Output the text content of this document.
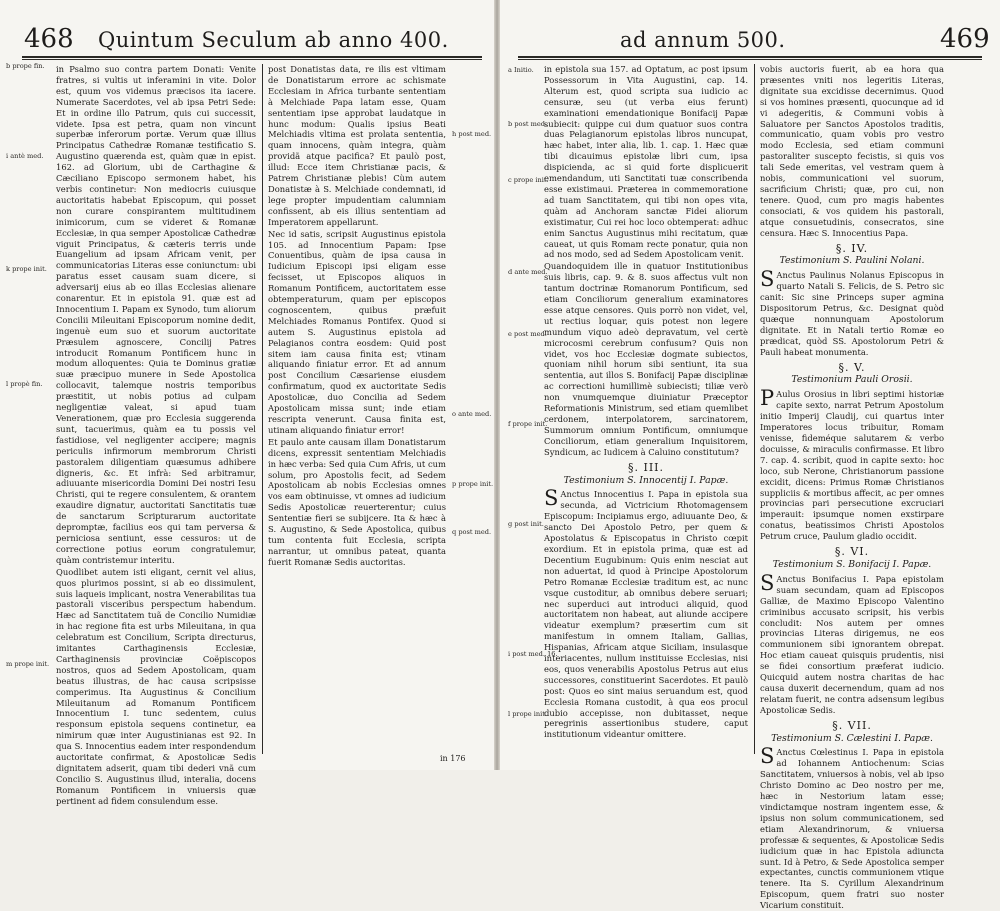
468 Quintum Seculum ab anno 400.
b prope fin.
i antè med.
k prope init.
l propè fin.
m prope init.

in Psalmo suo contra partem Donati: Venite fratres, si vultis ut inferamini in vite. Dolor est, quum vos videmus præcisos ita iacere. Numerate Sacerdotes, vel ab ipsa Petri Sede: Et in ordine illo Patrum, quis cui successit, videte. Ipsa est petra, quam non vincunt superbæ inferorum portæ. Verum quæ illius Principatus Cathedræ Romanæ testificatio S. Augustino quærenda est, quàm quæ in epist. 162. ad Glorium, ubi de Carthagine & Cæciliano Episcopo sermonem habet, his verbis continetur: Non mediocris cuiusque auctoritatis habebat Episcopum, qui posset non curare conspirantem multitudinem inimicorum, cum se videret & Romanæ Ecclesiæ, in qua semper Apostolicæ Cathedræ viguit Principatus, & cæteris terris unde Euangelium ad ipsam Africam venit, per communicatorias Literas esse coniunctum: ubi paratus esset causam suam dicere, si adversarij eius ab eo illas Ecclesias alienare conarentur. Et in epistola 91. quæ est ad Innocentium I. Papam ex Synodo, tum aliorum Concilii Mileuitani Episcoporum nomine dedit, ingenuè eum suo et suorum auctoritate Præsulem agnoscere, Concilij Patres introducit Romanum Pontificem hunc in modum alloquentes: Quia te Dominus gratiæ suæ præcipuo munere in Sede Apostolica collocavit, talemque nostris temporibus præstitit, ut nobis potius ad culpam negligentiæ valeat, si apud tuam Venerationem, quæ pro Ecclesia suggerenda sunt, tacuerimus, quàm ea tu possis vel fastidiose, vel negligenter accipere; magnis periculis infirmorum membrorum Christi pastoralem diligentiam quæsumus adhibere digneris, &c. Et infrà: Sed arbitramur, adiuuante misericordia Domini Dei nostri Iesu Christi, qui te regere consulentem, & orantem exaudire dignatur, auctoritati Sanctitatis tuæ de sanctarum Scripturarum auctoritate depromptæ, facilius eos qui tam perversa & perniciosa sentiunt, esse cessuros: ut de correctione potius eorum congratulemur, quàm contristemur interitu.

Quodlibet autem isti eligant, cernit vel alius, quos plurimos possint, si ab eo dissimulent, suis laqueis implicant, nostra Venerabilitas tua pastorali visceribus perspectum habendum. Hæc ad Sanctitatem tuã de Concilio Numidiæ in hac regione fita est urbs Mileuitana, in qua celebratum est Concilium, Scripta directurus, imitantes Carthaginensis Ecclesiæ, Carthaginensis provinciæ Coëpiscopos nostros, quos ad Sedem Apostolicam, quam beatus illustras, de hac causa scripsisse comperimus. Ita Augustinus & Concilium Mileuitanum ad Romanum Pontificem Innocentium I. tunc sedentem, cuius responsum epistola sequens continetur, ea nimirum quæ inter Augustinianas est 92. In qua S. Innocentius eadem inter respondendum auctoritate confirmat, & Apostolicæ Sedis dignitatem adserit, quam tibi dederi vnã cum Concilio S. Augustinus illud, interalia, docens Romanum Pontificem in vniuersis quæ pertinent ad fidem consulendum esse.

post Donatistas data, re ilis est vltimam de Donatistarum errore ac schismate Ecclesiam in Africa turbante sententiam à Melchiade Papa latam esse, Quam sententiam ipse approbat laudatque in hunc modum: Qualis ipsius Beati Melchiadis vltima est prolata sententia, quam innocens, quàm integra, quàm providã atque pacifica? Et paulò post, illud: Ecce item Christianæ pacis, & Patrem Christianæ plebis! Cùm autem Donatistæ à S. Melchiade condemnati, id lege propter impudentiam calumniam confissent, ab eis illius sententiam ad Imperatorem appellarunt.

Nec id satis, scripsit Augustinus epistola 105. ad Innocentium Papam: Ipse Conuentibus, quàm de ipsa causa in Iudicium Episcopi ipsi eligam esse fecisset, ut Episcopos aliquos in Romanum Pontificem, auctoritatem esse obtemperaturum, quam per episcopos cognoscentem, quibus præfuit Melchiades Romanus Pontifex. Quod si autem S. Augustinus epistola ad Pelagianos contra eosdem: Quid post sitem iam causa finita est; vtinam aliquando finiatur error. Et ad annum post Concilium Cæsariense eiusdem confirmatum, quod ex auctoritate Sedis Apostolicæ, duo Concilia ad Sedem Apostolicam missa sunt; inde etiam rescripta venerunt. Causa finita est, utinam aliquando finiatur error!

Et paulo ante causam illam Donatistarum dicens, expressit sententiam Melchiadis in hæc verba: Sed quia Cum Afris, ut cum solum, pro Apostolis fecit, ad Sedem Apostolicam ab nobis Ecclesias omnes vos eam obtinuisse, vt omnes ad iudicium Sedis Apostolicæ reuerterentur; cuius Sententiæ fieri se subijcere. Ita & hæc à S. Augustino, & Sede Apostolica, quibus tum contenta fuit Ecclesia, scripta narrantur, ut omnibus pateat, quanta fuerit Romanæ Sedis auctoritas.

h post med.
o ante med.
p prope init.
q post med.
in 176
ad annum 500.	469
a Initio.
b post med.
c prope init.
d ante med.
e post med.
f prope init.
g post init.
i post med. 16.
l prope init.

in epistola sua 157. ad Optatum, ac post ipsum Possessorum in Vita Augustini, cap. 14. Alterum est, quod scripta sua iudicio ac censuræ, seu (ut verba eius ferunt) examinationi emendationique Bonifacij Papæ subiecit: quippe cui dum quatuor suos contra duas Pelagianorum epistolas libros nuncupat, hæc habet, inter alia, lib. 1. cap. 1. Hæc quæ tibi dicauimus epistolæ libri cum, ipsa dispicienda, ac si quid forte displicuerit emendandum, uti Sanctitati tuæ conscribenda esse existimaui. Præterea in commemoratione ad tuam Sanctitatem, qui tibi non opes vita, quàm ad Anchoram sanctæ Fidei aliorum existimatur, Cui rei hoc loco obtemperat: adhuc enim Sanctus Augustinus mihi recitatum, quæ caueat, ut quis Romam recte ponatur, quia non ad nos modo, sed ad Sedem Apostolicam venit.

Quandoquidem ille in quatuor Institutionibus suis libris, cap. 9. & 8. suos affectus vult non tantum doctrinæ Romanorum Pontificum, sed etiam Conciliorum generalium examinatores esse atque censores. Quis porrò non videt, vel, ut rectius loquar, quis potest non legere mundum viquo adeò depravatum, vel certè microcosmi cerebrum confusum? Quis non videt, vos hoc Ecclesiæ dogmate subiectos, quoniam nihil horum sibi sentiunt, ita sua sententia, aut illos S. Bonifacij Papæ disciplinæ ac correctioni humillimè subiecisti; tiliæ verò non vnumquemque diuiniatur Præceptor Reformationis Ministrum, sed etiam quemlibet cerdonem, interpolatorem, sarcinatorem, Summorum omnium Pontificum, omniumque Conciliorum, etiam generalium Inquisitorem, Syndicum, ac Iudicem à Caluino constitutum?

§. III.
Testimonium S. Innocentij I. Papæ.

S Anctus Innocentius I. Papa in epistola sua secunda, ad Victricium Rhotomagensem Episcopum: Incipiamus ergo, adiuuante Deo, & sancto Dei Apostolo Petro, per quem & Apostolatus & Episcopatus in Christo cœpit exordium. Et in epistola prima, quæ est ad Decentium Eugubinum: Quis enim nesciat aut non aduertat, id quod à Principe Apostolorum Petro Romanæ Ecclesiæ traditum est, ac nunc vsque custoditur, ab omnibus debere seruari; nec superduci aut introduci aliquid, quod auctoritatem non habeat, aut aliunde accipere videatur exemplum? præsertim cum sit manifestum in omnem Italiam, Gallias, Hispanias, Africam atque Siciliam, insulasque interiacentes, nullum instituisse Ecclesias, nisi eos, quos venerabilis Apostolus Petrus aut eius successores, constituerint Sacerdotes. Et paulò post: Quos eo sint maius seruandum est, quod Ecclesia Romana custodit, à qua eos procul dubio accepisse, non dubitasset, neque peregrinis assertionibus studere, caput institutionum videantur omittere.

vobis auctoris fuerit, ab ea hora qua præsentes vniti nos legeritis Literas, dignitate sua excidisse decernimus. Quod si vos homines præsenti, quocunque ad id vi adegeritis, & Communi vobis à Saluatore per Sanctos Apostolos traditis, communicatio, quam vobis pro vestro modo Ecclesia, sed etiam communi pastoraliter suscepto fecistis, si quis vos tali Sede emeritas, vel vestram quem à nobis, communicationi vel suorum, sacrificium Christi; quæ, pro cui, non tenere. Quod, cum pro magis habentes consociati, & vos quidem his pastorali, atque consuetudinis, consecratos, sine censura. Hæc S. Innocentius Papa.

§. IV.
Testimonium S. Paulini Nolani.

S Anctus Paulinus Nolanus Episcopus in quarto Natali S. Felicis, de S. Petro sic canit: Sic sine Princeps super agmina Dispositorum Petrus, &c. Designat quòd quæque nonnunquam Apostolorum dignitate. Et in Natali tertio Romæ eo prædicat, quòd SS. Apostolorum Petri & Pauli habeat monumenta.

§. V.
Testimonium Pauli Orosii.

P Aulus Orosius in libri septimi historiæ capite sexto, narrat Petrum Apostolum initio Imperij Claudij, cui quartus inter Imperatores locus tribuitur, Romam venisse, fideméque salutarem & verbo docuisse, & miraculis confirmasse. Et libro 7. cap. 4. scribit, quod in capite sexto: hoc loco, sub Nerone, Christianorum passione excidit, dicens: Primus Romæ Christianos suppliciis & mortibus affecit, ac per omnes provincias pari persecutione excruciari imperauit: ipsumque nomen exstirpare conatus, beatissimos Christi Apostolos Petrum cruce, Paulum gladio occidit.

§. VI.
Testimonium S. Bonifacij I. Papæ.

S Anctus Bonifacius I. Papa epistolam suam secundam, quam ad Episcopos Galliæ, de Maximo Episcopo Valentino criminibus accusato scripsit, his verbis concludit: Nos autem per omnes provincias Literas dirigemus, ne eos communionem sibi ignorantem obrepat. Hoc etiam caueat quisquis prudentis, nisi se fidei consortium præferat iudicio. Quicquid autem nostra charitas de hac causa duxerit decernendum, quam ad nos relatam fuerit, ne contra adsensum legibus Apostolicæ Sedis.

§. VII.
Testimonium S. Cælestini I. Papæ.

S Anctus Cœlestinus I. Papa in epistola ad Iohannem Antiochenum: Scias Sanctitatem, vniuersos à nobis, vel ab ipso Christo Domino ac Deo nostro per me, hæc in Nestorium latam esse; vindictamque nostram ingentem esse, & ipsius non solum communicationem, sed etiam Alexandrinorum, & vniuersa professæ & sequentes, & Apostolicæ Sedis iudicium quæ in hac Epistola adiuncta sunt. Id à Petro, & Sede Apostolica semper expectantes, cunctis communionem vtique tenere. Ita S. Cyrillum Alexandrinum Episcopum, quem fratri suo noster Vicarium constituit.
